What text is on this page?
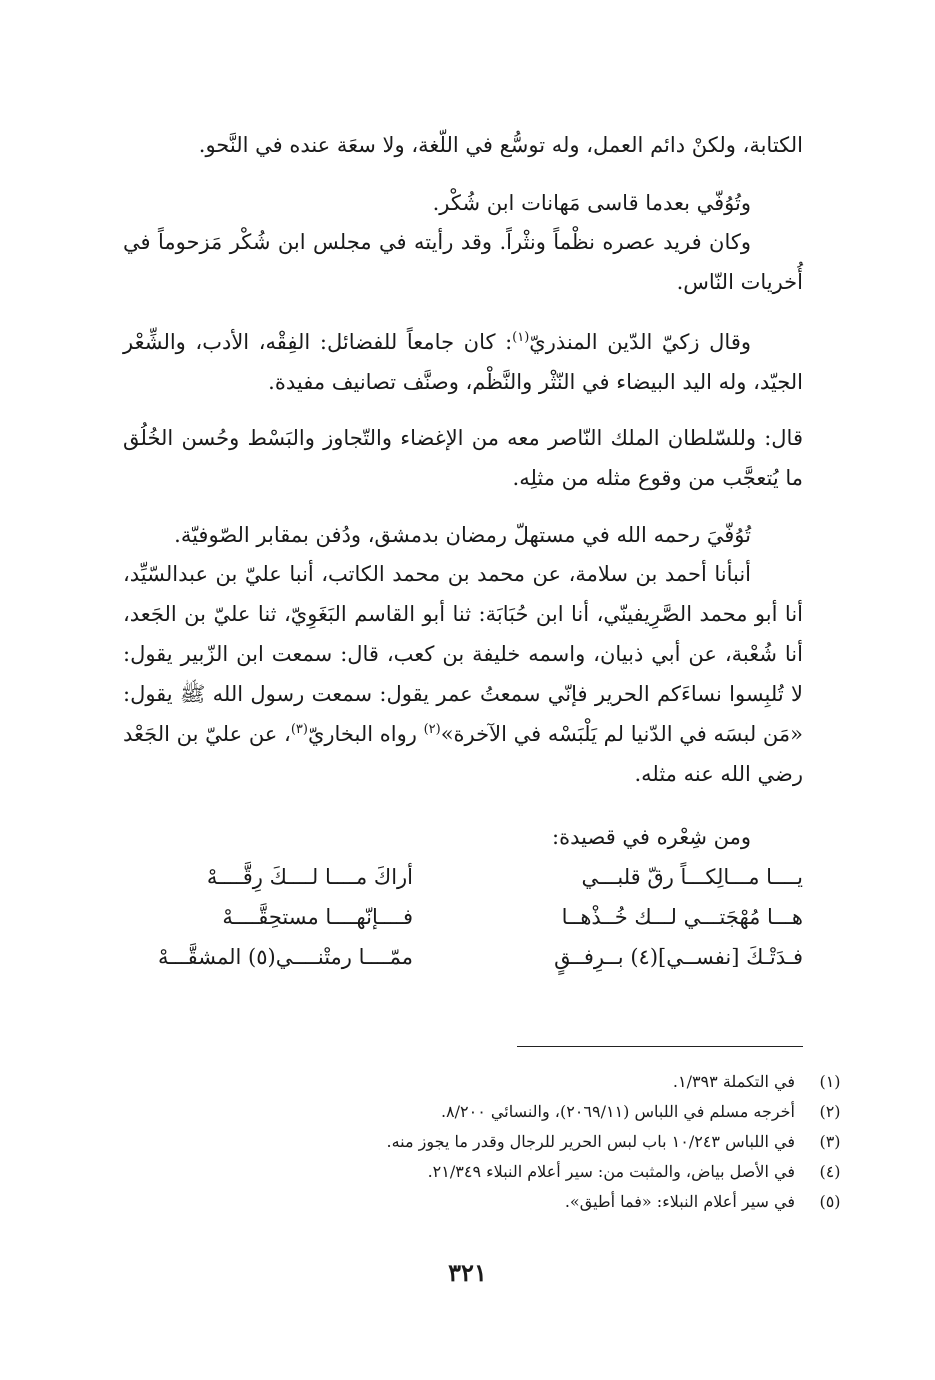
الكتابة، ولكنْ دائم العمل، وله توسُّع في اللّغة، ولا سعَة عنده في النَّحو.

وتُوُفّي بعدما قاسى مَهانات ابن شُكْر.

وكان فريد عصره نظْماً ونثْراً. وقد رأيته في مجلس ابن شُكْر مَزحوماً في أُخريات النّاس.

وقال زكيّ الدّين المنذريّ$^{(١)}$: كان جامعاً للفضائل: الفِقْه، الأدب، والشِّعْر الجيّد، وله اليد البيضاء في النّثْر والنَّظْم، وصنَّف تصانيف مفيدة.

قال: وللسّلطان الملك النّاصر معه من الإغضاء والتّجاوز والبَسْط وحُسن الخُلُق ما يُتعجَّب من وقوع مثله من مثلِه.

تُوُفّيَ رحمه الله في مستهلّ رمضان بدمشق، ودُفن بمقابر الصّوفيّة.

أنبأنا أحمد بن سلامة، عن محمد بن محمد الكاتب، أنبا عليّ بن عبدالسّيِّد، أنا أبو محمد الصَّرِيفينّي، أنا ابن حُبَابَة: ثنا أبو القاسم البَغَوِيّ، ثنا عليّ بن الجَعد، أنا شُعْبة، عن أبي ذبيان، واسمه خليفة بن كعب، قال: سمعت ابن الزّبير يقول: لا تُلبِسوا نساءَكم الحرير فإنّي سمعتُ عمر يقول: سمعت رسول الله ﷺ يقول: «مَن لبسَه في الدّنيا لم يَلْبَسْه في الآخرة»$^{(٢)}$ رواه البخاريّ$^{(٣)}$، عن عليّ بن الجَعْد رضي الله عنه مثله.

ومن شِعْره في قصيدة:

يــــا مـــالِكـــاً رقّ قلبـــي
أراكَ مــــا لــــكَ رِقَّــــهْ
هـــا مُهْجَتـــي لـــك خُــذْهــا
فــــإنّهــــا مستحِقَّــــهْ
فـدَتْـكَ [نفســي](٤) بــرِفــقٍ
ممّــــا رمتْنــــي(٥) المشقَّـــهْ
(١)
في التكملة ١/٣٩٣.
(٢)
أخرجه مسلم في اللباس (٢٠٦٩/١١)، والنسائي ٨/٢٠٠.
(٣)
في اللباس ١٠/٢٤٣ باب لبس الحرير للرجال وقدر ما يجوز منه.
(٤)
في الأصل بياض، والمثبت من: سير أعلام النبلاء ٢١/٣٤٩.
(٥)
في سير أعلام النبلاء: «فما أطيق».
٣٢١
